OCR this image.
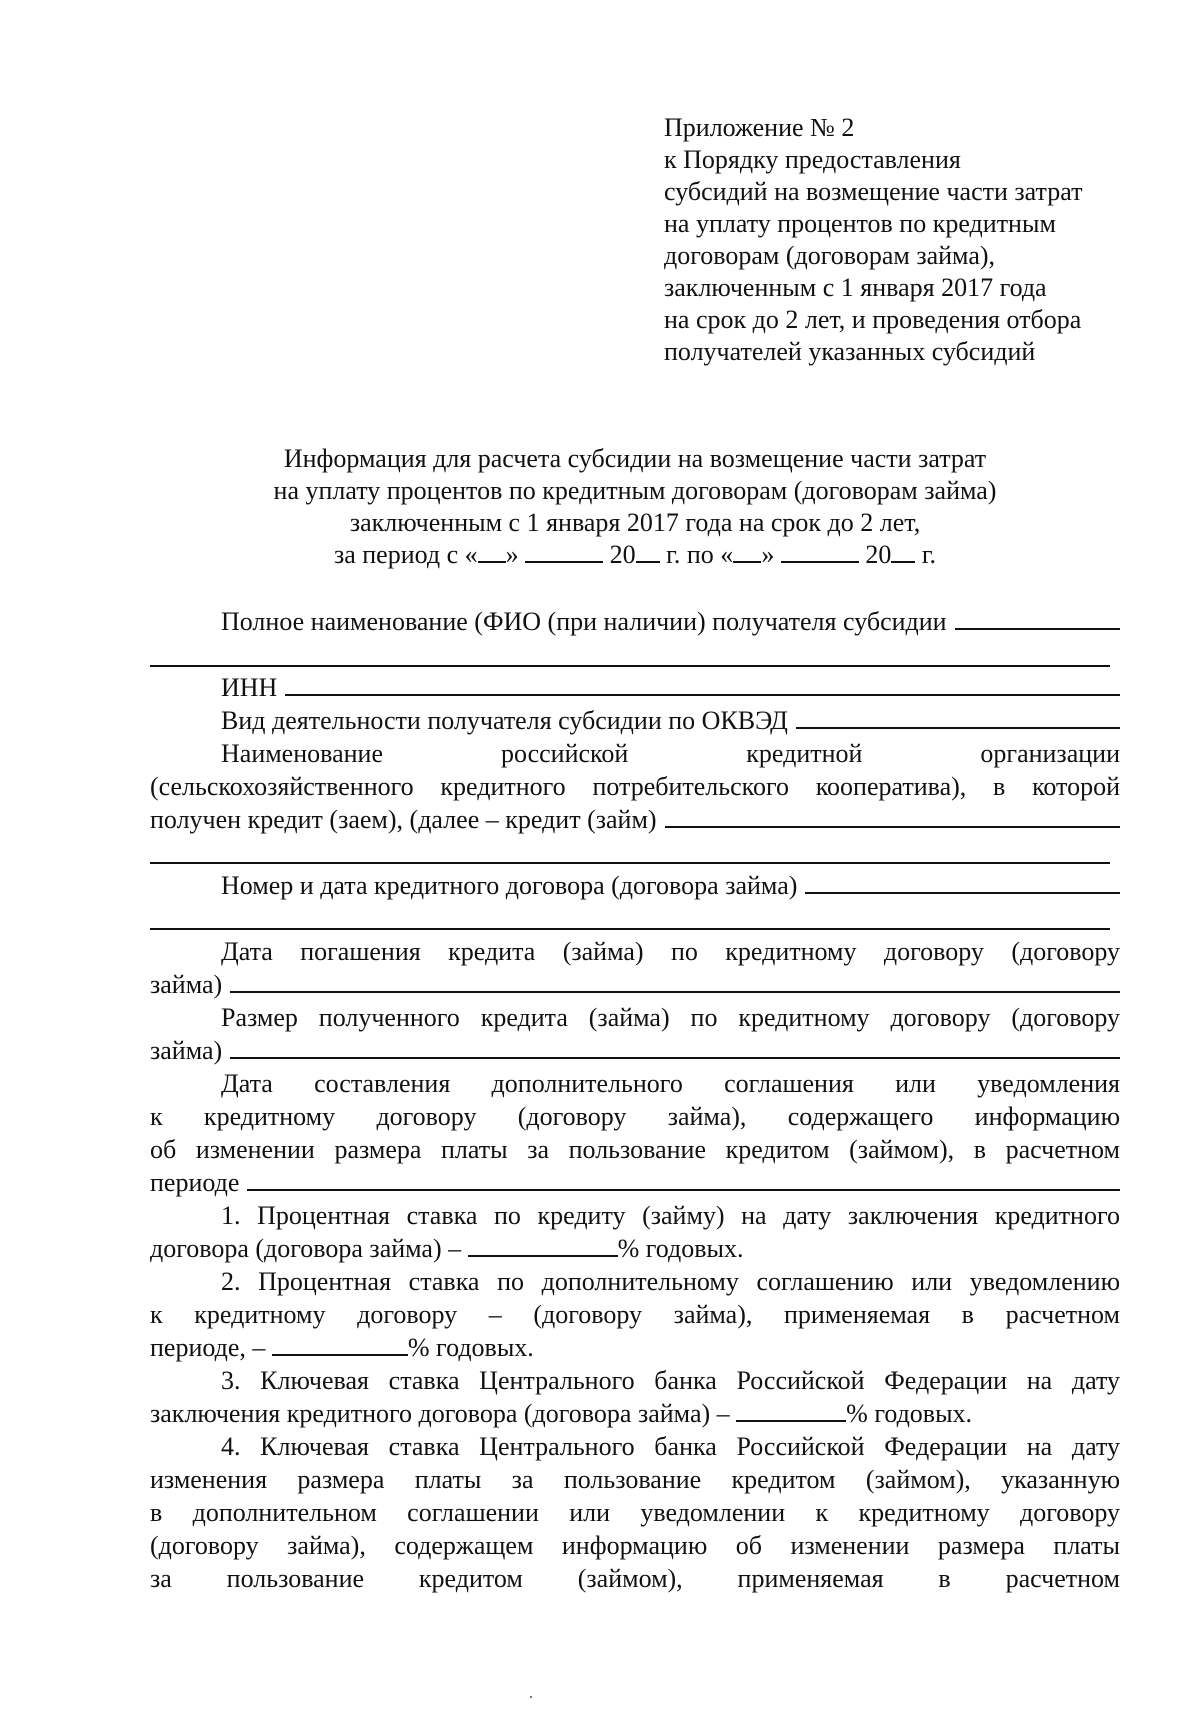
Приложение № 2
к Порядку предоставления
субсидий на возмещение части затрат
на уплату процентов по кредитным
договорам (договорам займа),
заключенным с 1 января 2017 года
на срок до 2 лет, и проведения отбора
получателей указанных субсидий
Информация для расчета субсидии на возмещение части затрат
на уплату процентов по кредитным договорам (договорам займа)
заключенным с 1 января 2017 года на срок до 2 лет,
за период с « »	20 г. по « »	20 г.
Полное наименование (ФИО (при наличии) получателя субсидии
ИНН
Вид деятельности получателя субсидии по ОКВЭД
Наименование российской кредитной организации
(сельскохозяйственного кредитного потребительского кооператива), в которой
получен кредит (заем), (далее – кредит (займ)
Номер и дата кредитного договора (договора займа)
Дата погашения кредита (займа) по кредитному договору (договору
займа)
Размер полученного кредита (займа) по кредитному договору (договору
займа)
Дата составления дополнительного соглашения или уведомления
к кредитному договору (договору займа), содержащего информацию
об изменении размера платы за пользование кредитом (займом), в расчетном
периоде
1. Процентная ставка по кредиту (займу) на дату заключения кредитного
договора (договора займа) –	% годовых.
2. Процентная ставка по дополнительному соглашению или уведомлению
к кредитному договору – (договору займа), применяемая в расчетном
периоде, –	% годовых.
3. Ключевая ставка Центрального банка Российской Федерации на дату
заключения кредитного договора (договора займа) –	% годовых.
4. Ключевая ставка Центрального банка Российской Федерации на дату
изменения размера платы за пользование кредитом (займом), указанную
в дополнительном соглашении или уведомлении к кредитному договору
(договору займа), содержащем информацию об изменении размера платы
за пользование кредитом (займом), применяемая в расчетном
